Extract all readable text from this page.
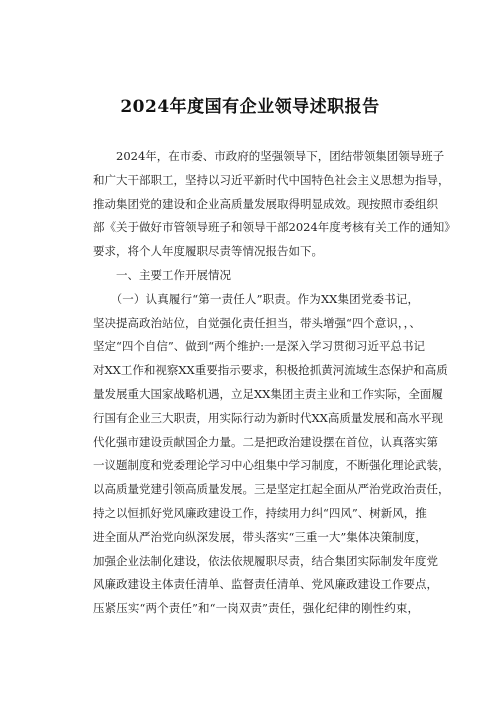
2024年度国有企业领导述职报告

　　2024年，在市委、市政府的坚强领导下，团结带领集团领导班子

和广大干部职工，坚持以习近平新时代中国特色社会主义思想为指导，

推动集团党的建设和企业高质量发展取得明显成效。现按照市委组织

部《关于做好市管领导班子和领导干部2024年度考核有关工作的通知》

要求，将个人年度履职尽责等情况报告如下。

　　一、主要工作开展情况

　　（一）认真履行“第一责任人”职责。作为XX集团党委书记，

坚决提高政治站位，自觉强化责任担当，带头增强“四个意识，，、

坚定“四个自信”、做到“两个维护:一是深入学习贯彻习近平总书记

对XX工作和视察XX重要指示要求，积极抢抓黄河流域生态保护和高质

量发展重大国家战略机遇，立足XX集团主责主业和工作实际，全面履

行国有企业三大职责，用实际行动为新时代XX高质量发展和高水平现

代化强市建设贡献国企力量。二是把政治建设摆在首位，认真落实第

一议题制度和党委理论学习中心组集中学习制度，不断强化理论武装，

以高质量党建引领高质量发展。三是坚定扛起全面从严治党政治责任，

持之以恒抓好党风廉政建设工作，持续用力纠“四风”、树新风，推

进全面从严治党向纵深发展，带头落实“三重一大”集体决策制度，

加强企业法制化建设，依法依规履职尽责，结合集团实际制发年度党

风廉政建设主体责任清单、监督责任清单、党风廉政建设工作要点，

压紧压实“两个责任”和“一岗双责”责任，强化纪律的刚性约束，
